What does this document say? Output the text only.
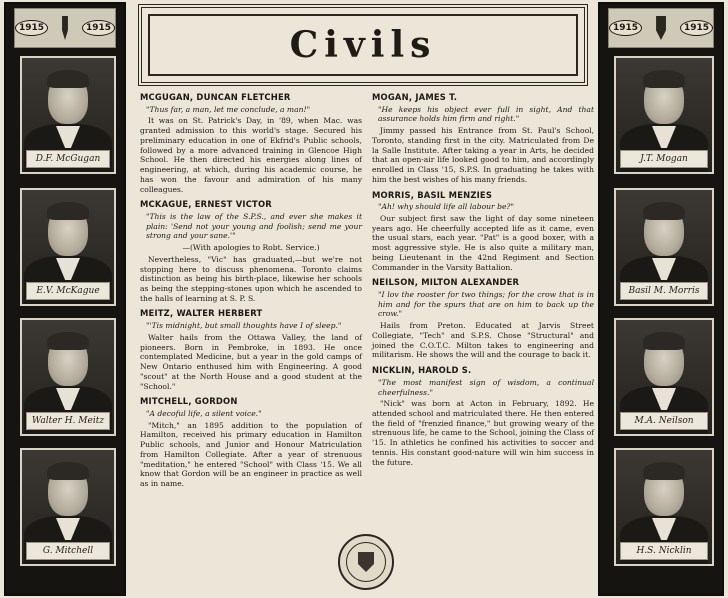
1915	1915
D.F. McGugan
E.V. McKague
Walter H. Meitz
G. Mitchell
Civils
MCGUGAN, DUNCAN FLETCHER
"Thus far, a man, let me conclude, a man!"

It was on St. Patrick's Day, in '89, when Mac. was granted admission to this world's stage. Secured his preliminary education in one of Ekfrid's Public schools, followed by a more advanced training in Glencoe High School. He then directed his energies along lines of engineering, at which, during his academic course, he has won the favour and admiration of his many colleagues.

MCKAGUE, ERNEST VICTOR
"This is the law of the S.P.S., and ever she makes it plain: 'Send not your young and foolish; send me your strong and your sane.'"
—(With apologies to Robt. Service.)

Nevertheless, "Vic" has graduated,—but we're not stopping here to discuss phenomena. Toronto claims distinction as being his birth-place, likewise her schools as being the stepping-stones upon which he ascended to the halls of learning at S. P. S.

MEITZ, WALTER HERBERT
"'Tis midnight, but small thoughts have I of sleep."

Walter hails from the Ottawa Valley, the land of pioneers. Born in Pembroke, in 1893. He once contemplated Medicine, but a year in the gold camps of New Ontario enthused him with Engineering. A good "scout" at the North House and a good student at the "School."

MITCHELL, GORDON
"A decoful life, a silent voice."

"Mitch," an 1895 addition to the population of Hamilton, received his primary education in Hamilton Public schools, and Junior and Honour Matriculation from Hamilton Collegiate. After a year of strenuous "meditation," he entered "School" with Class '15. We all know that Gordon will be an engineer in practice as well as in name.

MOGAN, JAMES T.
"He keeps his object ever full in sight, And that assurance holds him firm and right."

Jimmy passed his Entrance from St. Paul's School, Toronto, standing first in the city. Matriculated from De la Salle Institute. After taking a year in Arts, he decided that an open-air life looked good to him, and accordingly enrolled in Class '15, S.P.S. In graduating he takes with him the best wishes of his many friends.

MORRIS, BASIL MENZIES
"Ah! why should life all labour be?"

Our subject first saw the light of day some nineteen years ago. He cheerfully accepted life as it came, even the usual stars, each year. "Pat" is a good boxer, with a most aggressive style. He is also quite a military man, being Lieutenant in the 42nd Regiment and Section Commander in the Varsity Battalion.

NEILSON, MILTON ALEXANDER
"I lov the rooster for two things; for the crow that is in him and for the spurs that are on him to back up the crow."

Hails from Preton. Educated at Jarvis Street Collegiate, "Tech" and S.P.S. Chose "Structural" and joined the C.O.T.C. Milton takes to engineering and militarism. He shows the will and the courage to back it.

NICKLIN, HAROLD S.
"The most manifest sign of wisdom, a continual cheerfulness."

"Nick" was born at Acton in February, 1892. He attended school and matriculated there. He then entered the field of "frenzied finance," but growing weary of the strenuous life, he came to the School, joining the Class of '15. In athletics he confined his activities to soccer and tennis. His constant good-nature will win him success in the future.

1915	1915
J.T. Mogan
Basil M. Morris
M.A. Neilson
H.S. Nicklin
